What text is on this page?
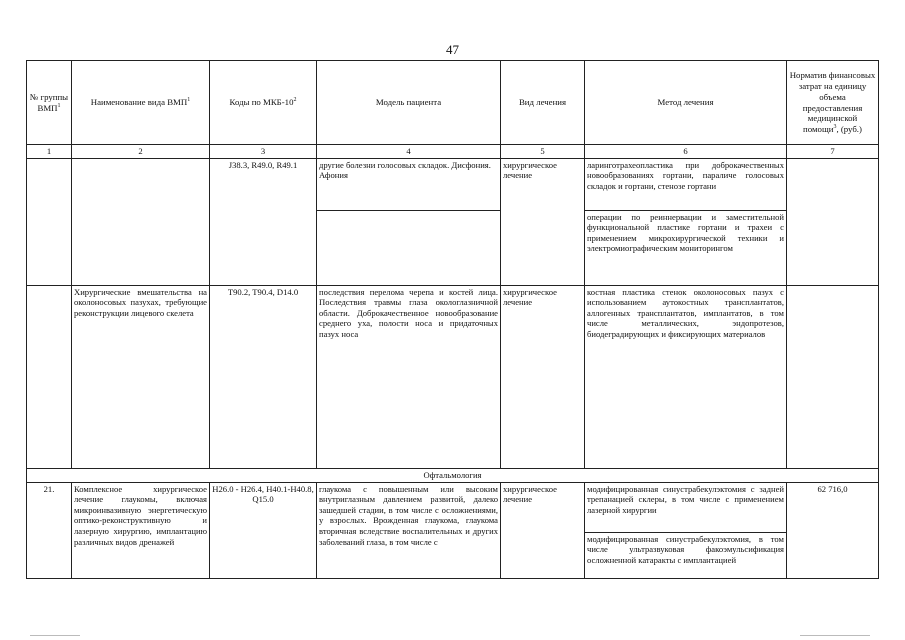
47
№ группы ВМП$^1$	Наименование вида ВМП$^1$	Коды по МКБ-$10^2$	Модель пациента	Вид лечения	Метод лечения	Норматив финансовых затрат на единицу объема предоставления медицинской помощи$^3$, (руб.)
1	2	3	4	5	6	7
		J38.3, R49.0, R49.1	другие болезни голосовых складок. Дисфония. Афония	хирургическое лечение	ларинготрахеопластика при доброкачественных новообразованиях гортани, параличе голосовых складок и гортани, стенозе гортани	
					операции по реиннервации и заместительной функциональной пластике гортани и трахеи с применением микрохирургической техники и электромиографическим мониторингом	
	Хирургические вмешательства на околоносовых пазухах, требующие реконструкции лицевого скелета	T90.2, T90.4, D14.0	последствия перелома черепа и костей лица. Последствия травмы глаза окологлазничной области. Доброкачественное новообразование среднего уха, полости носа и придаточных пазух носа	хирургическое лечение	костная пластика стенок околоносовых пазух с использованием аутокостных трансплантатов, аллогенных трансплантатов, имплантатов, в том числе металлических, эндопротезов, биодеградирующих и фиксирующих материалов	
Офтальмология						
21.	Комплексное хирургическое лечение глаукомы, включая микроинвазивную энергетическую оптико-реконструктивную и лазерную хирургию, имплантацию различных видов дренажей	H26.0 - H26.4, H40.1-H40.8, Q15.0	глаукома с повышенным или высоким внутриглазным давлением развитой, далеко зашедшей стадии, в том числе с осложнениями, у взрослых. Врожденная глаукома, глаукома вторичная вследствие воспалительных и других заболеваний глаза, в том числе с	хирургическое лечение	модифицированная синустрабекулэктомия с задней трепанацией склеры, в том числе с применением лазерной хирургии	62 716,0
					модифицированная синустрабекулэктомия, в том числе ультразвуковая факоэмульсификация осложненной катаракты с имплантацией	
